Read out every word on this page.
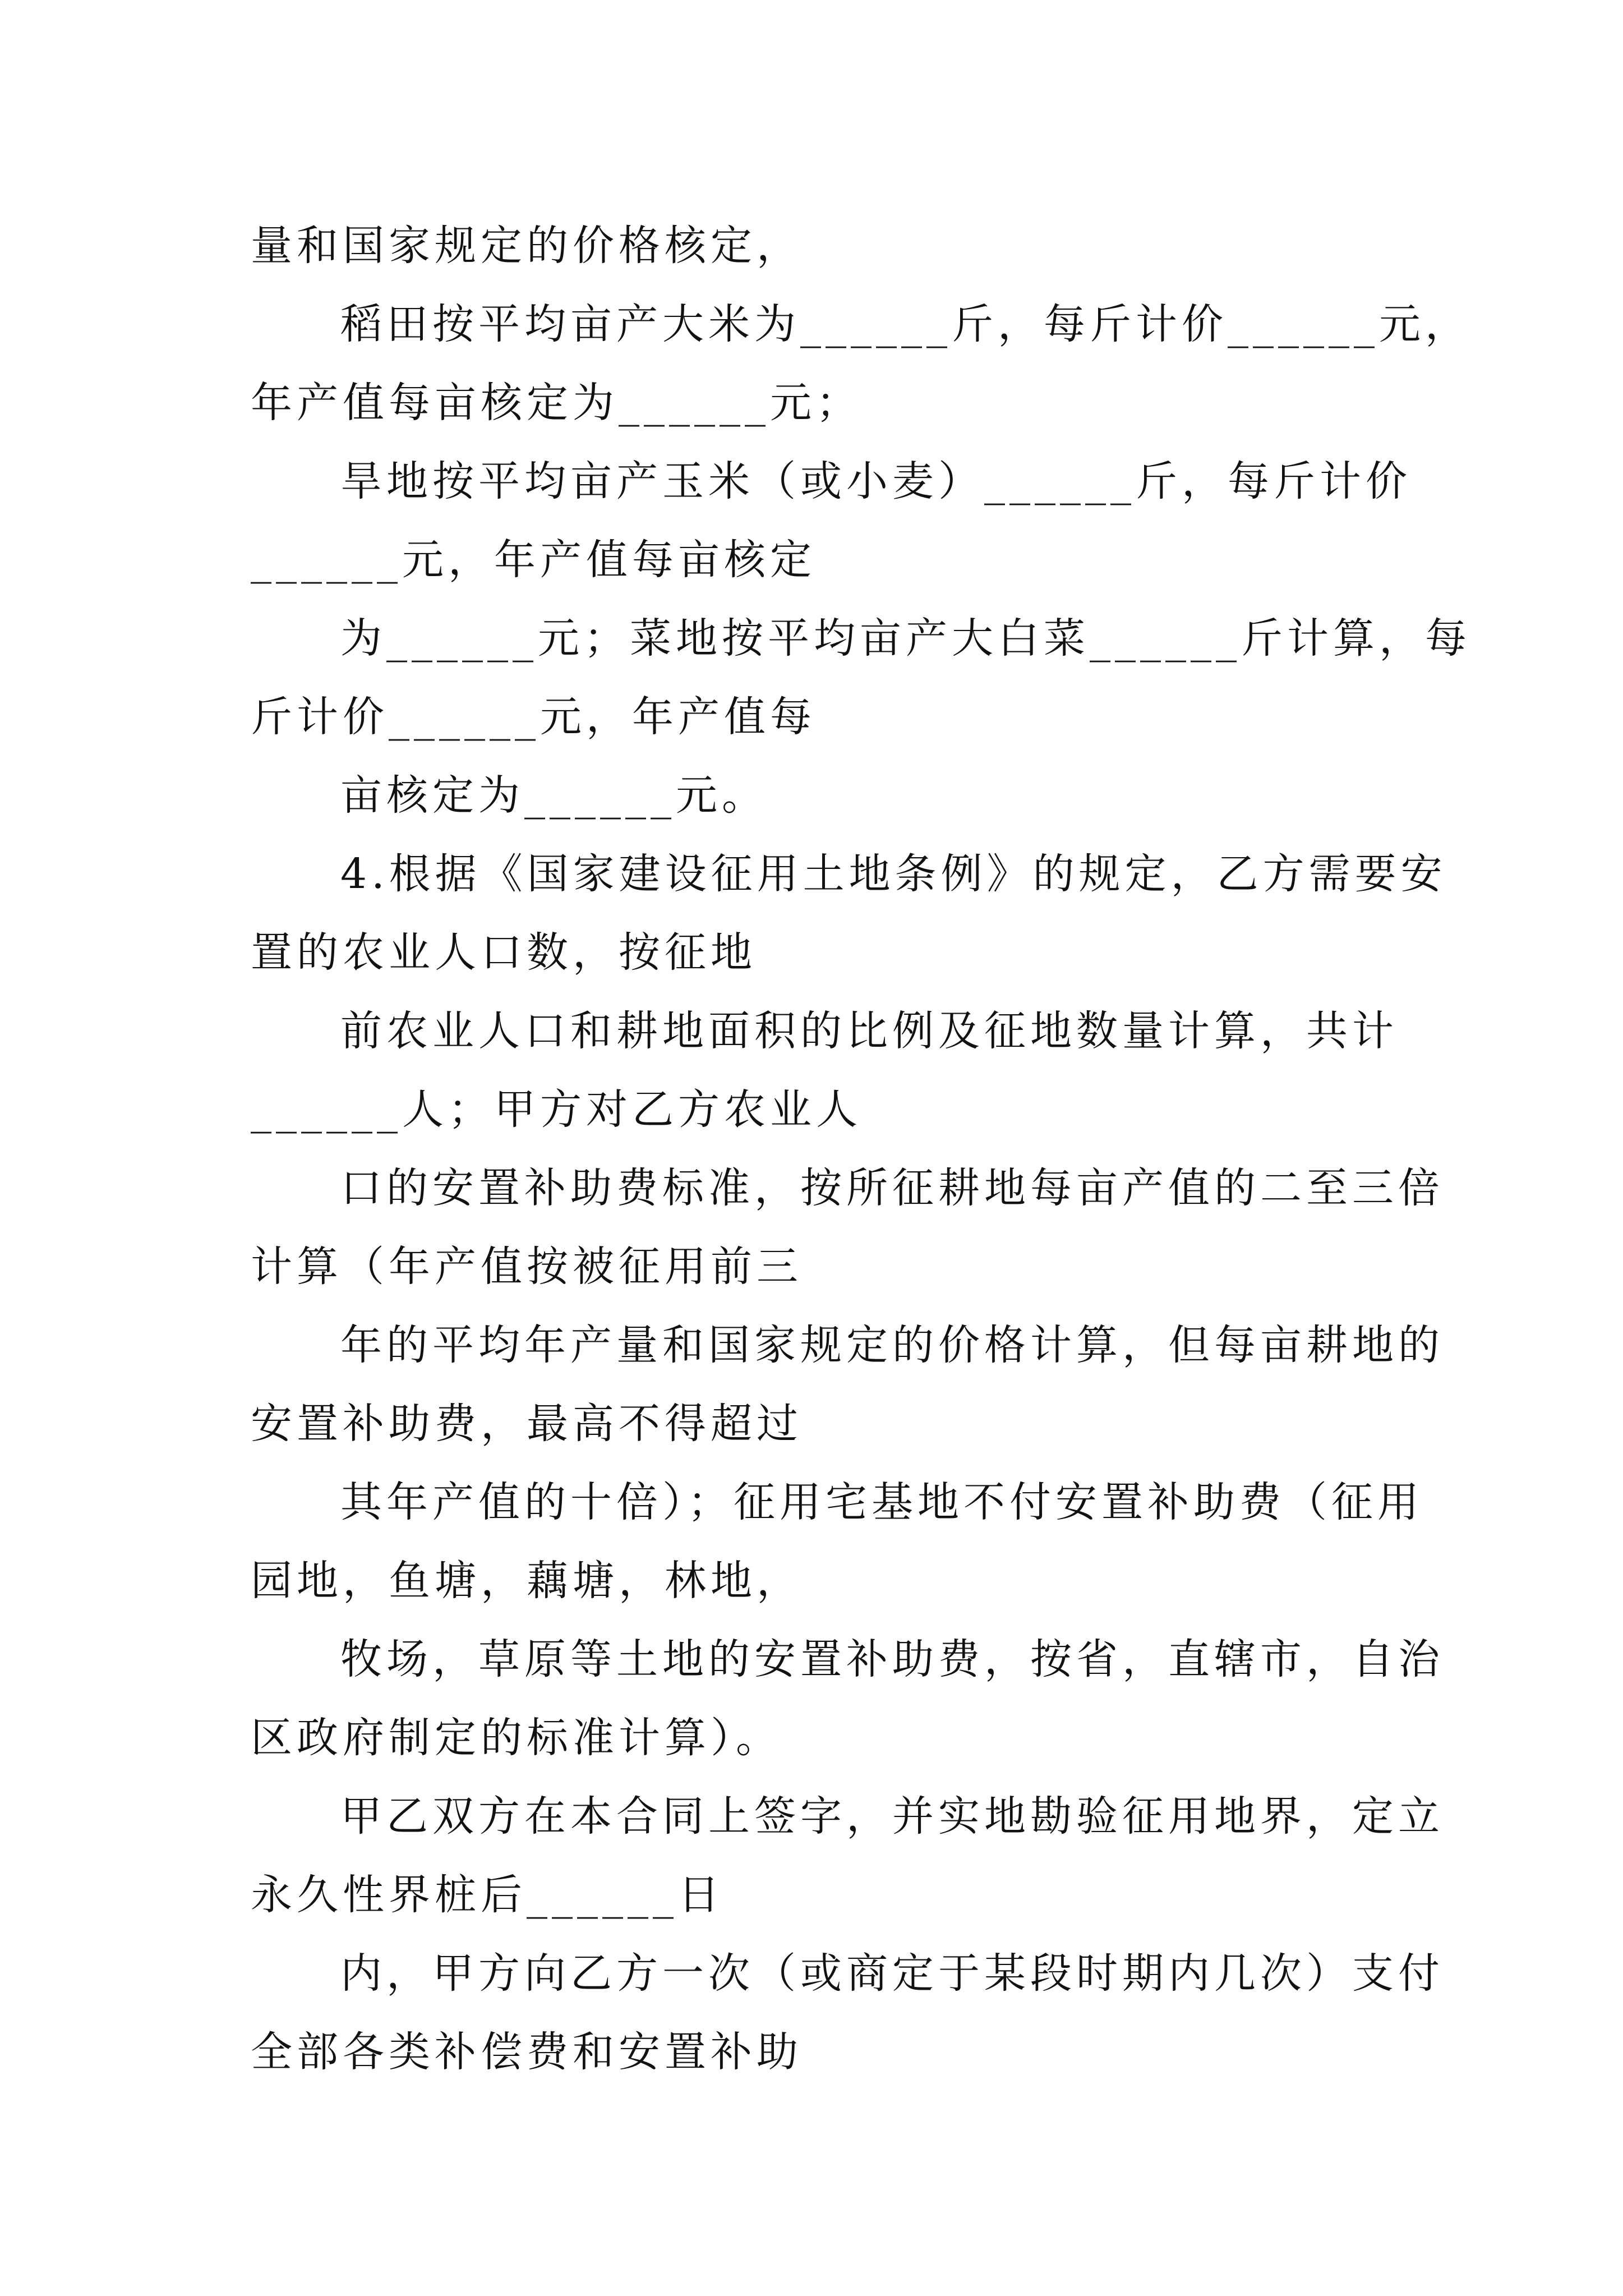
量和国家规定的价格核定，
稻田按平均亩产大米为______斤，每斤计价______元，
年产值每亩核定为______元；
旱地按平均亩产玉米（或小麦）______斤，每斤计价
______元，年产值每亩核定
为______元；菜地按平均亩产大白菜______斤计算，每
斤计价______元，年产值每
亩核定为______元。
4.根据《国家建设征用土地条例》的规定，乙方需要安
置的农业人口数，按征地
前农业人口和耕地面积的比例及征地数量计算，共计
______人；甲方对乙方农业人
口的安置补助费标准，按所征耕地每亩产值的二至三倍
计算（年产值按被征用前三
年的平均年产量和国家规定的价格计算，但每亩耕地的
安置补助费，最高不得超过
其年产值的十倍）；征用宅基地不付安置补助费（征用
园地，鱼塘，藕塘，林地，
牧场，草原等土地的安置补助费，按省，直辖市，自治
区政府制定的标准计算）。
甲乙双方在本合同上签字，并实地勘验征用地界，定立
永久性界桩后______日
内，甲方向乙方一次（或商定于某段时期内几次）支付
全部各类补偿费和安置补助
